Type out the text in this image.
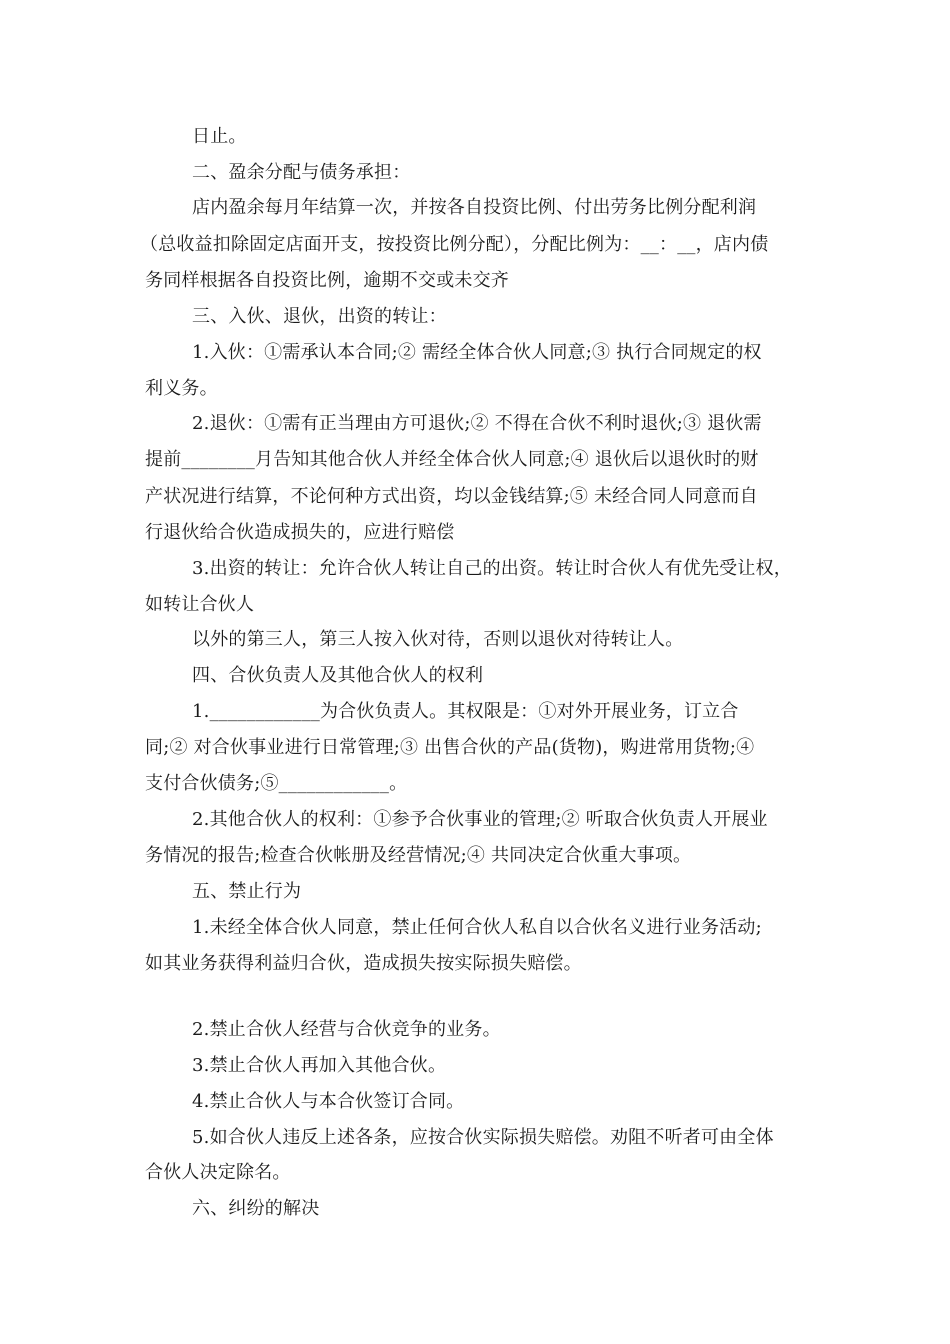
日止。
二、盈余分配与债务承担：
店内盈余每月年结算一次，并按各自投资比例、付出劳务比例分配利润
（总收益扣除固定店面开支，按投资比例分配），分配比例为：__：__，店内债
务同样根据各自投资比例，逾期不交或未交齐
三、入伙、退伙，出资的转让：
1.入伙：①需承认本合同;② 需经全体合伙人同意;③ 执行合同规定的权
利义务。
2.退伙：①需有正当理由方可退伙;② 不得在合伙不利时退伙;③ 退伙需
提前________月告知其他合伙人并经全体合伙人同意;④ 退伙后以退伙时的财
产状况进行结算，不论何种方式出资，均以金钱结算;⑤ 未经合同人同意而自
行退伙给合伙造成损失的，应进行赔偿
3.出资的转让：允许合伙人转让自己的出资。转让时合伙人有优先受让权，
如转让合伙人
以外的第三人，第三人按入伙对待，否则以退伙对待转让人。
四、合伙负责人及其他合伙人的权利
1.____________为合伙负责人。其权限是：①对外开展业务，订立合
同;② 对合伙事业进行日常管理;③ 出售合伙的产品(货物)，购进常用货物;④
支付合伙债务;⑤____________。
2.其他合伙人的权利：①参予合伙事业的管理;② 听取合伙负责人开展业
务情况的报告;检查合伙帐册及经营情况;④ 共同决定合伙重大事项。
五、禁止行为
1.未经全体合伙人同意，禁止任何合伙人私自以合伙名义进行业务活动;
如其业务获得利益归合伙，造成损失按实际损失赔偿。
2.禁止合伙人经营与合伙竞争的业务。
3.禁止合伙人再加入其他合伙。
4.禁止合伙人与本合伙签订合同。
5.如合伙人违反上述各条，应按合伙实际损失赔偿。劝阻不听者可由全体
合伙人决定除名。
六、纠纷的解决
